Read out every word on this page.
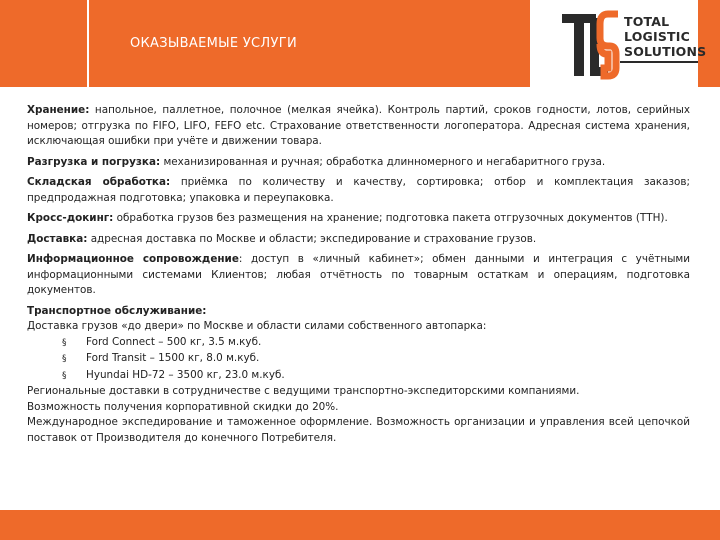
ОКАЗЫВАЕМЫЕ УСЛУГИ
TOTAL
LOGISTIC
SOLUTIONS

Хранение: напольное, паллетное, полочное (мелкая ячейка). Контроль партий, сроков годности, лотов, серийных номеров; отгрузка по FIFO, LIFO, FEFO etc. Страхование ответственности логоператора. Адресная система хранения, исключающая ошибки при учёте и движении товара.

Разгрузка и погрузка: механизированная и ручная; обработка длинномерного и негабаритного груза.

Складская обработка: приёмка по количеству и качеству, сортировка; отбор и комплектация заказов; предпродажная подготовка; упаковка и переупаковка.

Кросс-докинг: обработка грузов без размещения на хранение; подготовка пакета отгрузочных документов (ТТН).

Доставка: адресная доставка по Москве и области; экспедирование и страхование грузов.

Информационное сопровождение: доступ в «личный кабинет»; обмен данными и интеграция с учётными информационными системами Клиентов; любая отчётность по товарным остаткам и операциям, подготовка документов.

Транспортное обслуживание:
Доставка грузов «до двери» по Москве и области силами собственного автопарка:
§	Ford Connect – 500 кг, 3.5 м.куб.
§	Ford Transit – 1500 кг, 8.0 м.куб.
§	Hyundai HD-72 – 3500 кг, 23.0 м.куб.
Региональные доставки в сотрудничестве с ведущими транспортно-экспедиторскими компаниями.
Возможность получения корпоративной скидки до 20%.
Международное экспедирование и таможенное оформление. Возможность организации и управления всей цепочкой поставок от Производителя до конечного Потребителя.
